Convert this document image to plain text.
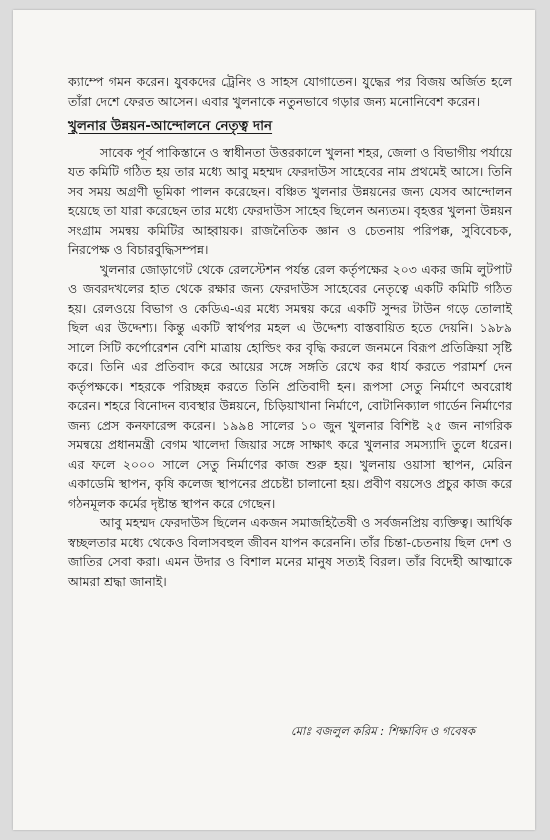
ক্যাম্পে গমন করেন। যুবকদের ট্রেনিং ও সাহস যোগাতেন। যুদ্ধের পর বিজয় অর্জিত হলে তাঁরা দেশে ফেরত আসেন। এবার খুলনাকে নতুনভাবে গড়ার জন্য মনোনিবেশ করেন।

খুলনার উন্নয়ন-আন্দোলনে নেতৃত্ব দান

সাবেক পূর্ব পাকিস্তানে ও স্বাধীনতা উত্তরকালে খুলনা শহর, জেলা ও বিভাগীয় পর্যায়ে যত কমিটি গঠিত হয় তার মধ্যে আবু মহম্মদ ফেরদাউস সাহেবের নাম প্রথমেই আসে। তিনি সব সময় অগ্রণী ভূমিকা পালন করেছেন। বঞ্চিত খুলনার উন্নয়নের জন্য যেসব আন্দোলন হয়েছে তা যারা করেছেন তার মধ্যে ফেরদাউস সাহেব ছিলেন অন্যতম। বৃহত্তর খুলনা উন্নয়ন সংগ্রাম সমন্বয় কমিটির আহ্বায়ক। রাজনৈতিক জ্ঞান ও চেতনায় পরিপক্ক, সুবিবেচক, নিরপেক্ষ ও বিচারবুদ্ধিসম্পন্ন।

খুলনার জোড়াগেট থেকে রেলস্টেশন পর্যন্ত রেল কর্তৃপক্ষের ২০৩ একর জমি লুটপাট ও জবরদখলের হাত থেকে রক্ষার জন্য ফেরদাউস সাহেবের নেতৃত্বে একটি কমিটি গঠিত হয়। রেলওয়ে বিভাগ ও কেডিএ-এর মধ্যে সমন্বয় করে একটি সুন্দর টাউন গড়ে তোলাই ছিল এর উদ্দেশ্য। কিন্তু একটি স্বার্থপর মহল এ উদ্দেশ্য বাস্তবায়িত হতে দেয়নি। ১৯৮৯ সালে সিটি কর্পোরেশন বেশি মাত্রায় হোল্ডিং কর বৃদ্ধি করলে জনমনে বিরূপ প্রতিক্রিয়া সৃষ্টি করে। তিনি এর প্রতিবাদ করে আয়ের সঙ্গে সঙ্গতি রেখে কর ধার্য করতে পরামর্শ দেন কর্তৃপক্ষকে। শহরকে পরিচ্ছন্ন করতে তিনি প্রতিবাদী হন। রূপসা সেতু নির্মাণে অবরোধ করেন। শহরে বিনোদন ব্যবস্থার উন্নয়নে, চিড়িয়াখানা নির্মাণে, বোটানিক্যাল গার্ডেন নির্মাণের জন্য প্রেস কনফারেন্স করেন। ১৯৯৪ সালের ১০ জুন খুলনার বিশিষ্ট ২৫ জন নাগরিক সমন্বয়ে প্রধানমন্ত্রী বেগম খালেদা জিয়ার সঙ্গে সাক্ষাৎ করে খুলনার সমস্যাদি তুলে ধরেন। এর ফলে ২০০০ সালে সেতু নির্মাণের কাজ শুরু হয়। খুলনায় ওয়াসা স্থাপন, মেরিন একাডেমি স্থাপন, কৃষি কলেজ স্থাপনের প্রচেষ্টা চালানো হয়। প্রবীণ বয়সেও প্রচুর কাজ করে গঠনমূলক কর্মের দৃষ্টান্ত স্থাপন করে গেছেন।

আবু মহম্মদ ফেরদাউস ছিলেন একজন সমাজহিতৈষী ও সর্বজনপ্রিয় ব্যক্তিত্ব। আর্থিক স্বচ্ছলতার মধ্যে থেকেও বিলাসবহুল জীবন যাপন করেননি। তাঁর চিন্তা-চেতনায় ছিল দেশ ও জাতির সেবা করা। এমন উদার ও বিশাল মনের মানুষ সত্যই বিরল। তাঁর বিদেহী আত্মাকে আমরা শ্রদ্ধা জানাই।

মোঃ বজলুল করিম : শিক্ষাবিদ ও গবেষক
